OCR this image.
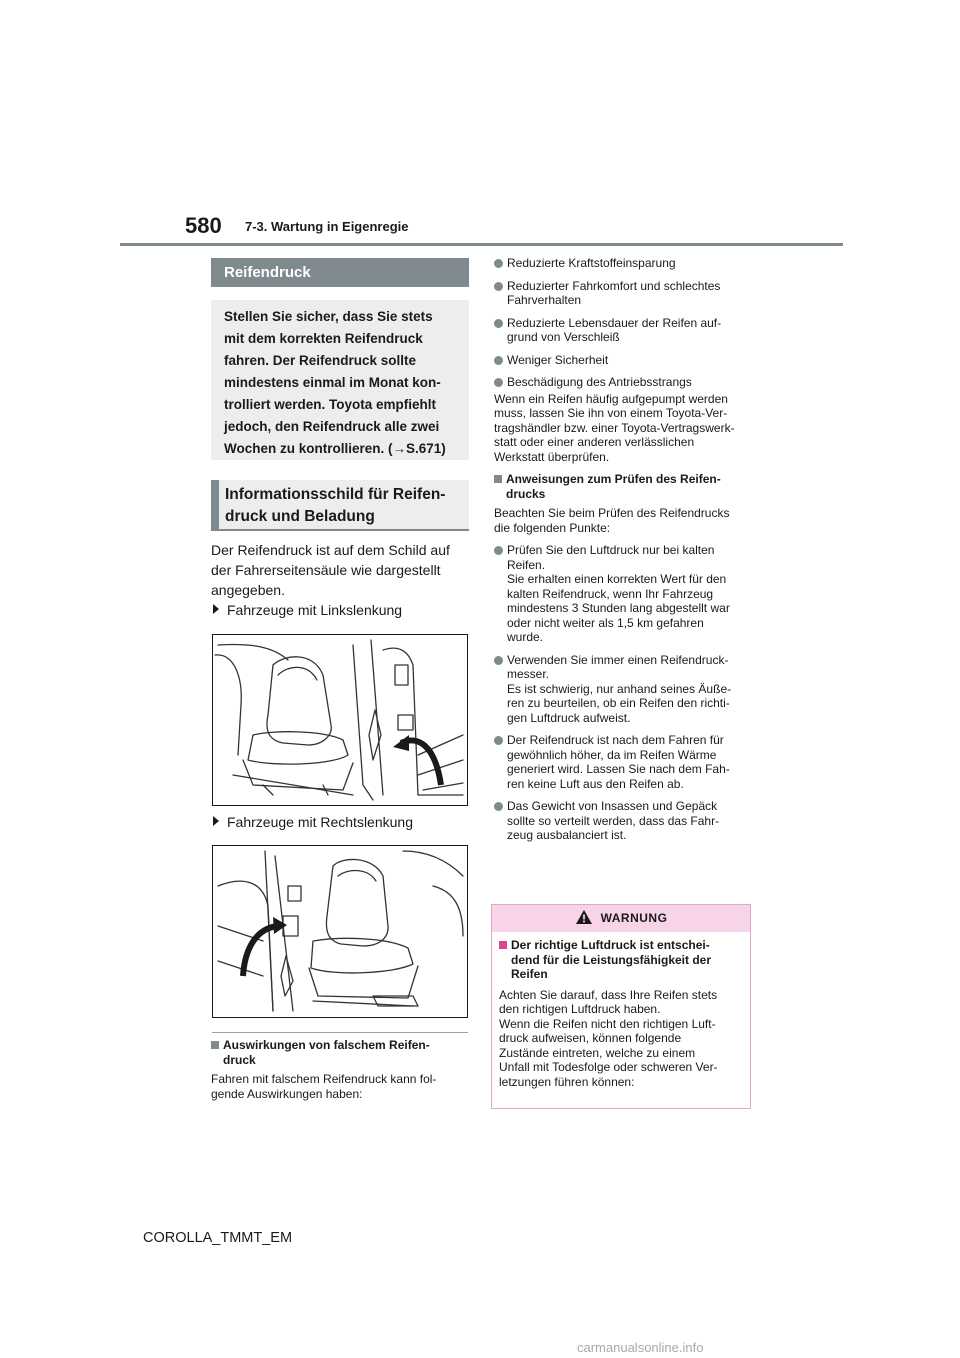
580 7-3. Wartung in Eigenregie
Reifendruck
Stellen Sie sicher, dass Sie stets
mit dem korrekten Reifendruck
fahren. Der Reifendruck sollte
mindestens einmal im Monat kon-
trolliert werden. Toyota empfiehlt
jedoch, den Reifendruck alle zwei
Wochen zu kontrollieren. (→S.671)
Informationsschild für Reifen-
druck und Beladung
Der Reifendruck ist auf dem Schild auf
der Fahrerseitensäule wie dargestellt
angegeben.
Fahrzeuge mit Linkslenkung
Fahrzeuge mit Rechtslenkung
Auswirkungen von falschem Reifen-
druck
Fahren mit falschem Reifendruck kann fol-
gende Auswirkungen haben:
Reduzierte Kraftstoffeinsparung
Reduzierter Fahrkomfort und schlechtes
Fahrverhalten
Reduzierte Lebensdauer der Reifen auf-
grund von Verschleiß
Weniger Sicherheit
Beschädigung des Antriebsstrangs
Wenn ein Reifen häufig aufgepumpt werden
muss, lassen Sie ihn von einem Toyota-Ver-
tragshändler bzw. einer Toyota-Vertragswerk-
statt oder einer anderen verlässlichen
Werkstatt überprüfen.
Anweisungen zum Prüfen des Reifen-
drucks
Beachten Sie beim Prüfen des Reifendrucks
die folgenden Punkte:
Prüfen Sie den Luftdruck nur bei kalten
Reifen.
Sie erhalten einen korrekten Wert für den
kalten Reifendruck, wenn Ihr Fahrzeug
mindestens 3 Stunden lang abgestellt war
oder nicht weiter als 1,5 km gefahren
wurde.
Verwenden Sie immer einen Reifendruck-
messer.
Es ist schwierig, nur anhand seines Äuße-
ren zu beurteilen, ob ein Reifen den richti-
gen Luftdruck aufweist.
Der Reifendruck ist nach dem Fahren für
gewöhnlich höher, da im Reifen Wärme
generiert wird. Lassen Sie nach dem Fah-
ren keine Luft aus den Reifen ab.
Das Gewicht von Insassen und Gepäck
sollte so verteilt werden, dass das Fahr-
zeug ausbalanciert ist.
WARNUNG
Der richtige Luftdruck ist entschei-
dend für die Leistungsfähigkeit der
Reifen
Achten Sie darauf, dass Ihre Reifen stets
den richtigen Luftdruck haben.
Wenn die Reifen nicht den richtigen Luft-
druck aufweisen, können folgende
Zustände eintreten, welche zu einem
Unfall mit Todesfolge oder schweren Ver-
letzungen führen können:
COROLLA_TMMT_EM
carmanualsonline.info
